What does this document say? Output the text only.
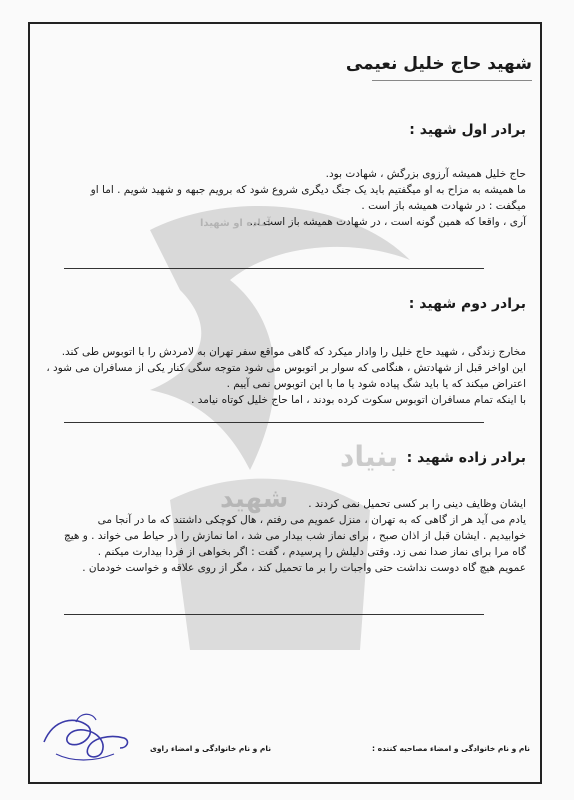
بنیاد
شهید
آماده او شهیدا
شهید حاج خلیل نعیمی
برادر اول شهید :

حاج خلیل همیشه آرزوی بزرگش ، شهادت بود.

ما همیشه به مزاح به او میگفتیم باید یک جنگ دیگری شروع شود که برویم جبهه و شهید شویم . اما او

میگفت : در شهادت همیشه باز است .

آری ، واقعا که همین گونه است ، در شهادت همیشه باز است ...

برادر دوم شهید :

مخارج زندگی ، شهید حاج خلیل را وادار میکرد که گاهی مواقع سفر تهران به لامردش را با اتوبوس طی کند.

این اواخر قبل از شهادتش ، هنگامی که سوار بر اتوبوس می شود متوجه سگی کنار یکی از مسافران می شود ،

اعتراض میکند که یا باید شگ پیاده شود یا ما با این اتوبوس نمی آییم .

با اینکه تمام مسافران اتوبوس سکوت کرده بودند ، اما حاج خلیل کوتاه نیامد .

برادر زاده شهید :

ایشان وظایف دینی را بر کسی تحمیل نمی کردند .

یادم می آید هر از گاهی که به تهران ، منزل عمویم می رفتم ، هال کوچکی داشتند که ما در آنجا می

خوابیدیم . ایشان قبل از اذان صبح ، برای نماز شب بیدار می شد ، اما نمازش را در حیاط می خواند . و هیچ

گاه مرا برای نماز صدا نمی زد. وقتی دلیلش را پرسیدم ، گفت : اگر بخواهی از فردا بیدارت میکنم .

عمویم هیچ گاه دوست نداشت حتی واجبات را بر ما تحمیل کند ، مگر از روی علاقه و خواست خودمان .

نام و نام خانوادگی و امضاء مصاحبه کننده :
نام و نام خانوادگی و امضاء راوی
